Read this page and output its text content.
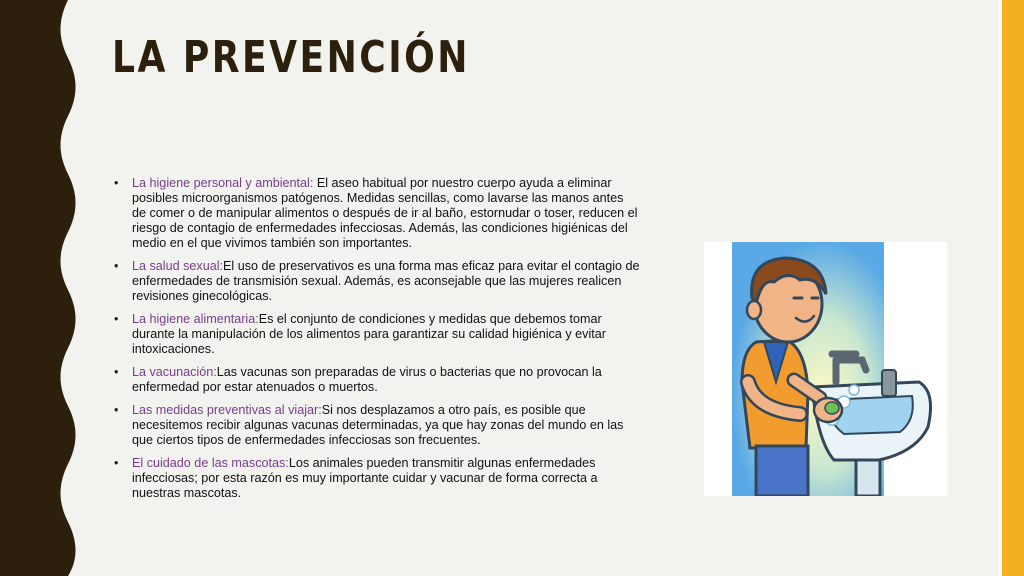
LA PREVENCIÓN
• La higiene personal y ambiental: El aseo habitual por nuestro cuerpo ayuda a eliminar posibles microorganismos patógenos. Medidas sencillas, como lavarse las manos antes de comer o de manipular alimentos o después de ir al baño, estornudar o toser, reducen el riesgo de contagio de enfermedades infecciosas. Además, las condiciones higiénicas del medio en el que vivimos también son importantes.
• La salud sexual:El uso de preservativos es una forma mas eficaz para evitar el contagio de enfermedades de transmisión sexual. Además, es aconsejable que las mujeres realicen revisiones ginecológicas.
• La higiene alimentaria:Es el conjunto de condiciones y medidas que debemos tomar durante la manipulación de los alimentos para garantizar su calidad higiénica y evitar intoxicaciones.
• La vacunación:Las vacunas son preparadas de virus o bacterias que no provocan la enfermedad por estar atenuados o muertos.
• Las medidas preventivas al viajar:Si nos desplazamos a otro país, es posible que necesitemos recibir algunas vacunas determinadas, ya que hay zonas del mundo en las que ciertos tipos de enfermedades infecciosas son frecuentes.
• El cuidado de las mascotas:Los animales pueden transmitir algunas enfermedades infecciosas; por esta razón es muy importante cuidar y vacunar de forma correcta a nuestras mascotas.
